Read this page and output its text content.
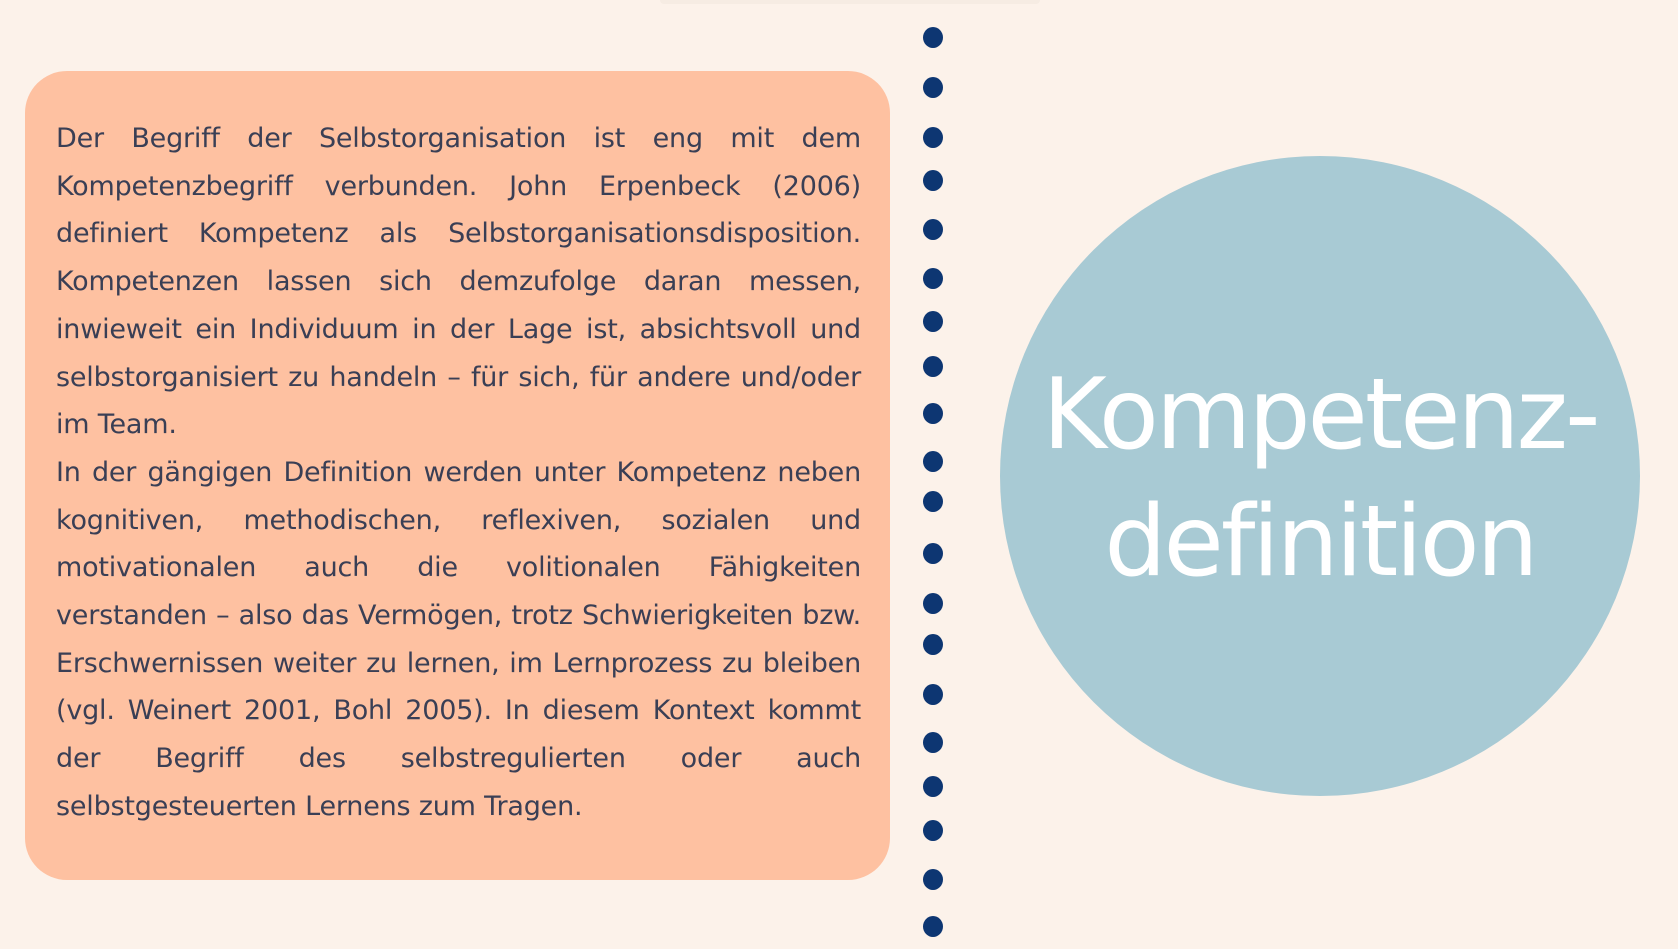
Der Begriff der Selbstorganisation ist eng mit dem Kompetenzbegriff verbunden. John Erpenbeck (2006) definiert Kompetenz als Selbstorganisationsdisposition. Kompetenzen lassen sich demzufolge daran messen, inwieweit ein Individuum in der Lage ist, absichtsvoll und selbstorganisiert zu handeln – für sich, für andere und/oder im Team.

In der gängigen Definition werden unter Kompetenz neben kognitiven, methodischen, reflexiven, sozialen und motivationalen auch die volitionalen Fähigkeiten verstanden – also das Vermögen, trotz Schwierigkeiten bzw. Erschwernissen weiter zu lernen, im Lernprozess zu bleiben (vgl. Weinert 2001, Bohl 2005). In diesem Kontext kommt der Begriff des selbstregulierten oder auch selbstgesteuerten Lernens zum Tragen.

Kompetenz-
definition
